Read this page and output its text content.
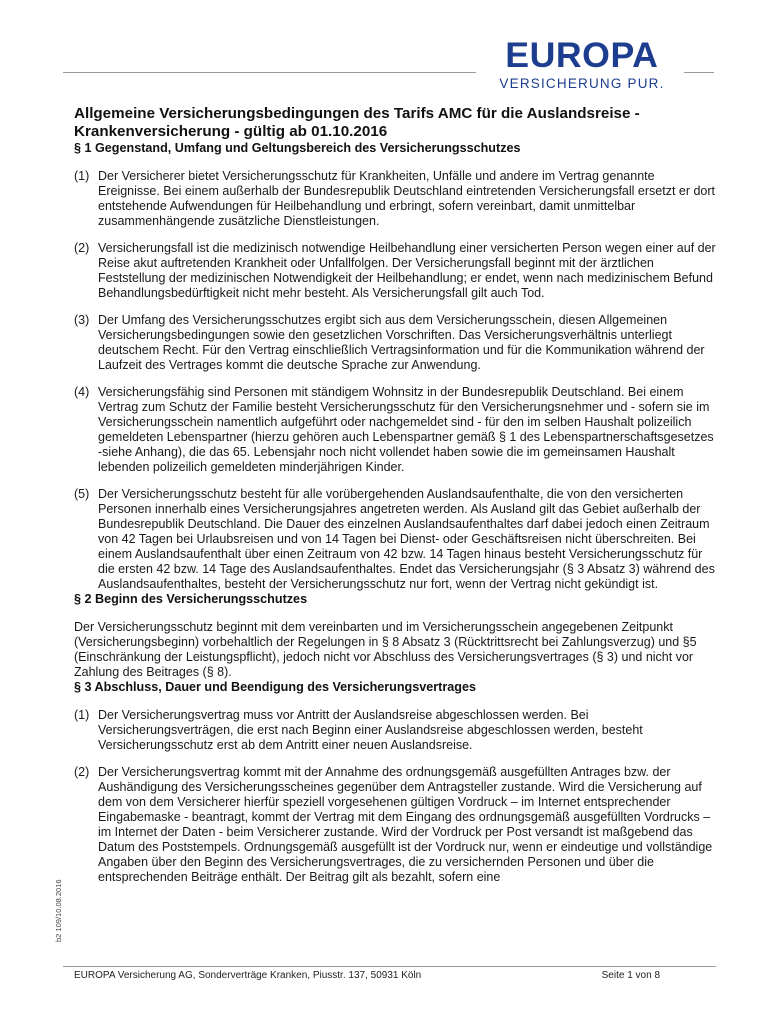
EUROPA
VERSICHERUNG PUR.
Allgemeine Versicherungsbedingungen des Tarifs AMC für die Auslandsreise - Krankenversicherung - gültig ab 01.10.2016
§ 1 Gegenstand, Umfang und Geltungsbereich des Versicherungsschutzes
(1) Der Versicherer bietet Versicherungsschutz für Krankheiten, Unfälle und andere im Vertrag genannte Ereignisse. Bei einem außerhalb der Bundesrepublik Deutschland eintretenden Versicherungsfall ersetzt er dort entstehende Aufwendungen für Heilbehandlung und erbringt, sofern vereinbart, damit unmittelbar zusammenhängende zusätzliche Dienstleistungen.
(2) Versicherungsfall ist die medizinisch notwendige Heilbehandlung einer versicherten Person wegen einer auf der Reise akut auftretenden Krankheit oder Unfallfolgen. Der Versicherungsfall beginnt mit der ärztlichen Feststellung der medizinischen Notwendigkeit der Heilbehandlung; er endet, wenn nach medizinischem Befund Behandlungsbedürftigkeit nicht mehr besteht. Als Versicherungsfall gilt auch Tod.
(3) Der Umfang des Versicherungsschutzes ergibt sich aus dem Versicherungsschein, diesen Allgemeinen Versicherungsbedingungen sowie den gesetzlichen Vorschriften. Das Versicherungsverhältnis unterliegt deutschem Recht. Für den Vertrag einschließlich Vertragsinformation und für die Kommunikation während der Laufzeit des Vertrages kommt die deutsche Sprache zur Anwendung.
(4) Versicherungsfähig sind Personen mit ständigem Wohnsitz in der Bundesrepublik Deutschland. Bei einem Vertrag zum Schutz der Familie besteht Versicherungsschutz für den Versicherungsnehmer und - sofern sie im Versicherungsschein namentlich aufgeführt oder nachgemeldet sind - für den im selben Haushalt polizeilich gemeldeten Lebenspartner (hierzu gehören auch Lebenspartner gemäß § 1 des Lebenspartnerschaftsgesetzes -siehe Anhang), die das 65. Lebensjahr noch nicht vollendet haben sowie die im gemeinsamen Haushalt lebenden polizeilich gemeldeten minderjährigen Kinder.
(5) Der Versicherungsschutz besteht für alle vorübergehenden Auslandsaufenthalte, die von den versicherten Personen innerhalb eines Versicherungsjahres angetreten werden. Als Ausland gilt das Gebiet außerhalb der Bundesrepublik Deutschland. Die Dauer des einzelnen Auslandsaufenthaltes darf dabei jedoch einen Zeitraum von 42 Tagen bei Urlaubsreisen und von 14 Tagen bei Dienst- oder Geschäftsreisen nicht überschreiten. Bei einem Auslandsaufenthalt über einen Zeitraum von 42 bzw. 14 Tagen hinaus besteht Versicherungsschutz für die ersten 42 bzw. 14 Tage des Auslandsaufenthaltes. Endet das Versicherungsjahr (§ 3 Absatz 3) während des Auslandsaufenthaltes, besteht der Versicherungsschutz nur fort, wenn der Vertrag nicht gekündigt ist.
§ 2 Beginn des Versicherungsschutzes
Der Versicherungsschutz beginnt mit dem vereinbarten und im Versicherungsschein angegebenen Zeitpunkt (Versicherungsbeginn) vorbehaltlich der Regelungen in § 8 Absatz 3 (Rücktrittsrecht bei Zahlungsverzug) und §5 (Einschränkung der Leistungspflicht), jedoch nicht vor Abschluss des Versicherungsvertrages (§ 3) und nicht vor Zahlung des Beitrages (§ 8).
§ 3 Abschluss, Dauer und Beendigung des Versicherungsvertrages
(1) Der Versicherungsvertrag muss vor Antritt der Auslandsreise abgeschlossen werden. Bei Versicherungsverträgen, die erst nach Beginn einer Auslandsreise abgeschlossen werden, besteht Versicherungsschutz erst ab dem Antritt einer neuen Auslandsreise.
(2) Der Versicherungsvertrag kommt mit der Annahme des ordnungsgemäß ausgefüllten Antrages bzw. der Aushändigung des Versicherungsscheines gegenüber dem Antragsteller zustande. Wird die Versicherung auf dem von dem Versicherer hierfür speziell vorgesehenen gültigen Vordruck – im Internet entsprechender Eingabemaske - beantragt, kommt der Vertrag mit dem Eingang des ordnungsgemäß ausgefüllten Vordrucks – im Internet der Daten - beim Versicherer zustande. Wird der Vordruck per Post versandt ist maßgebend das Datum des Poststempels. Ordnungsgemäß ausgefüllt ist der Vordruck nur, wenn er eindeutige und vollständige Angaben über den Beginn des Versicherungsvertrages, die zu versichernden Personen und über die entsprechenden Beiträge enthält. Der Beitrag gilt als bezahlt, sofern eine
b2 109/10.08.2016
EUROPA Versicherung AG, Sonderverträge Kranken, Piusstr. 137, 50931 Köln	Seite 1 von 8
